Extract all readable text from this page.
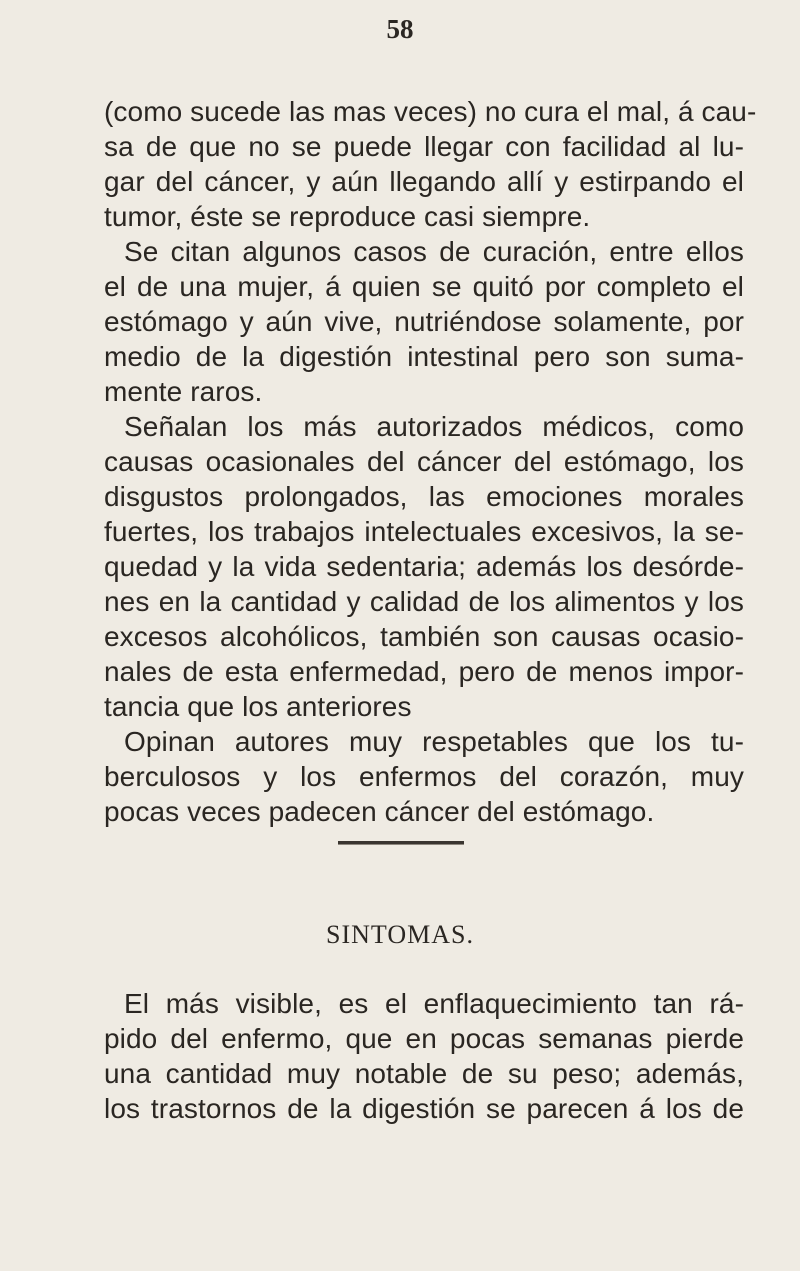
58
(como sucede las mas veces) no cura el mal, á cau-
sa de que no se puede llegar con facilidad al lu-
gar del cáncer, y aún llegando allí y estirpando el
tumor, éste se reproduce casi siempre.
Se citan algunos casos de curación, entre ellos
el de una mujer, á quien se quitó por completo el
estómago y aún vive, nutriéndose solamente, por
medio de la digestión intestinal pero son suma-
mente raros.
Señalan los más autorizados médicos, como
causas ocasionales del cáncer del estómago, los
disgustos prolongados, las emociones morales
fuertes, los trabajos intelectuales excesivos, la se-
quedad y la vida sedentaria; además los desórde-
nes en la cantidad y calidad de los alimentos y los
excesos alcohólicos, también son causas ocasio-
nales de esta enfermedad, pero de menos impor-
tancia que los anteriores
Opinan autores muy respetables que los tu-
berculosos y los enfermos del corazón, muy
pocas veces padecen cáncer del estómago.
SINTOMAS.
El más visible, es el enflaquecimiento tan rá-
pido del enfermo, que en pocas semanas pierde
una cantidad muy notable de su peso; además,
los trastornos de la digestión se parecen á los de
